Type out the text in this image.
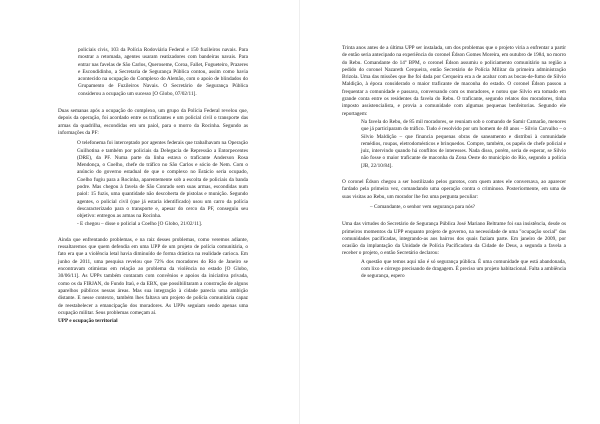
policiais civis, 103 da Polícia Rodoviária Federal e 150 fuzileiros navais. Para mostrar a retomada, agentes usaram reatizadores com bandeiras navais. Para entrar nas favelas de São Carlos, Queroseme, Coroa, Fallet, Fogueteiro, Prazeres e Escondidinho, a Secretaria de Segurança Pública contou, assim como havia acontecido na ocupação do Complexo do Alemão, com o apoio de blindados do Grupamento de Fuzileiros Navais. O Secretário de Segurança Pública considerou a ocupação um sucesso [O Globo, 07/02/11].

Duas semanas após a ocupação do complexo, um grupo da Polícia Federal revelou que, depois da operação, foi acordado entre os traficantes e um policial civil o transporte das armas da quadrilha, escondidas em um paiol, para o morro da Rocinha. Segundo as informações da PF:

O telefonema foi interceptado por agentes federais que trabalhavam na Operação Guilhotina e também por policiais da Delegacia de Repressão a Entorpecentes (DRE), da PF. Numa parte da linha estava o traficante Anderson Rosa Mendonça, o Coelho, chefe do tráfico no São Carlos e sócio de Nem. Com o anúncio do governo estadual de que o complexo no Estácio seria ocupado, Coelho fugiu para a Rocinha, aparentemente sob a escolta de policiais da banda podre. Mas chegou à favela de São Conrado sem suas armas, escondidas num paiol: 15 fuzis, uma quantidade não descoberta de pistolas e munição. Segundo agentes, o policial civil (que já estaria identificado) usou um carro da polícia descaracterizado para o transporte e, apesar do cerco da PF, conseguiu seu objetivo: entregou as armas na Rocinha.

- E chegou – disse o policial a Coelho [O Globo, 21/02/11].

Ainda que enfrentando problemas, e na raiz desses problemas, como veremos adiante, ressaltaremos que quem defendia em uma UPP de um projeto de polícia comunitária, o fato era que a violência letal havia diminuído de forma drástica na realidade carioca. Em junho de 2011, uma pesquisa revelou que 72% dos moradores do Rio de Janeiro se encontravam otimistas em relação ao problema da violência no estado [O Globo, 30/06/11]. As UPPs também contaram com convênios e apoios da iniciativa privada, como os da FIRJAN, do Fundo Itaú, e da EBX, que possibilitaram a construção de alguns aparelhos públicos nessas áreas. Mas sua integração à cidade parecia uma ambição distante. E nesse contexto, também lhes faltava um projeto de polícia comunitária capaz de reestabelecer a emancipação dos moradores. As UPPs seguiam sendo apenas uma ocupação militar. Seus problemas começam aí.

UPP e ocupação territorial

Trinta anos antes de a última UPP ser instalada, um dos problemas que o projeto viria a enfrentar a partir de então seria antecipado na experiência do coronel Édson Gomes Moreira, em outubro de 1984, no morro do Rebu. Comandante do 14º BPM, o coronel Édson assumiu o policiamento comunitário na região a pedido do coronel Nazareth Cerqueira, então Secretário de Polícia Militar da primeira administração Brizola. Uma das missões que lhe foi dada por Cerqueira era a de acabar com as bocas-de-fumo de Silvio Maldição, à época considerado o maior traficante de maconha do estado. O coronel Édson passou a frequentar a comunidade e passava, conversando com os moradores, e notou que Silvio era tomado em grande conta entre os residentes da favela do Rebu. O traficante, segundo relatos dos moradores, tinha imposto assistencialista, e provia a comunidade com algumas pequenas benfeitorias. Segundo ele reportagem:

Na favela do Rebu, de 85 mil moradores, se reuniam sob o comando de Samir Camarão, menores que já participaram do tráfico. Tudo é resolvido por um homem de 40 anos – Silvio Carvalho – o Silvio Maldição – que financia pequenas obras de saneamento e distribui à comunidade remédios, roupas, eletrodomésticos e brinquedos. Compre, também, os papéis de chefe policial e juiz, intervindo quando há conflitos de interesses. Nada disso, porém, seria de esperar, se Silvio não fosse o maior traficante de maconha da Zona Oeste do município do Rio, segundo a polícia [JB, 22/10/84].

O coronel Édson chegou a ser hostilizado pelos garotos, com quem antes ele conversava, ao aparecer fardado pela primeira vez, comandando uma operação contra o criminoso. Posteriormente, em uma de suas visitas ao Rebu, um morador lhe fez uma pergunta peculiar:

– Comandante, o senhor vem segurança para nós?

Uma das virtudes do Secretário de Segurança Pública José Mariano Beltrame foi sua insistência, desde os primeiros momentos da UPP enquanto projeto de governo, na necessidade de uma "ocupação social" das comunidades pacificadas, integrando-as aos bairros dos quais faziam parte. Em janeiro de 2009, por ocasião da implantação da Unidade de Polícia Pacificadora da Cidade de Deus, a segunda a favela a receber o projeto, o então Secretário declarou:

A questão que temos aqui não é só segurança pública. É uma comunidade que está abandonada, com lixo e córrego precisando de dragagem. É preciso um projeto habitacional. Falta a ambiência de segurança, espero
